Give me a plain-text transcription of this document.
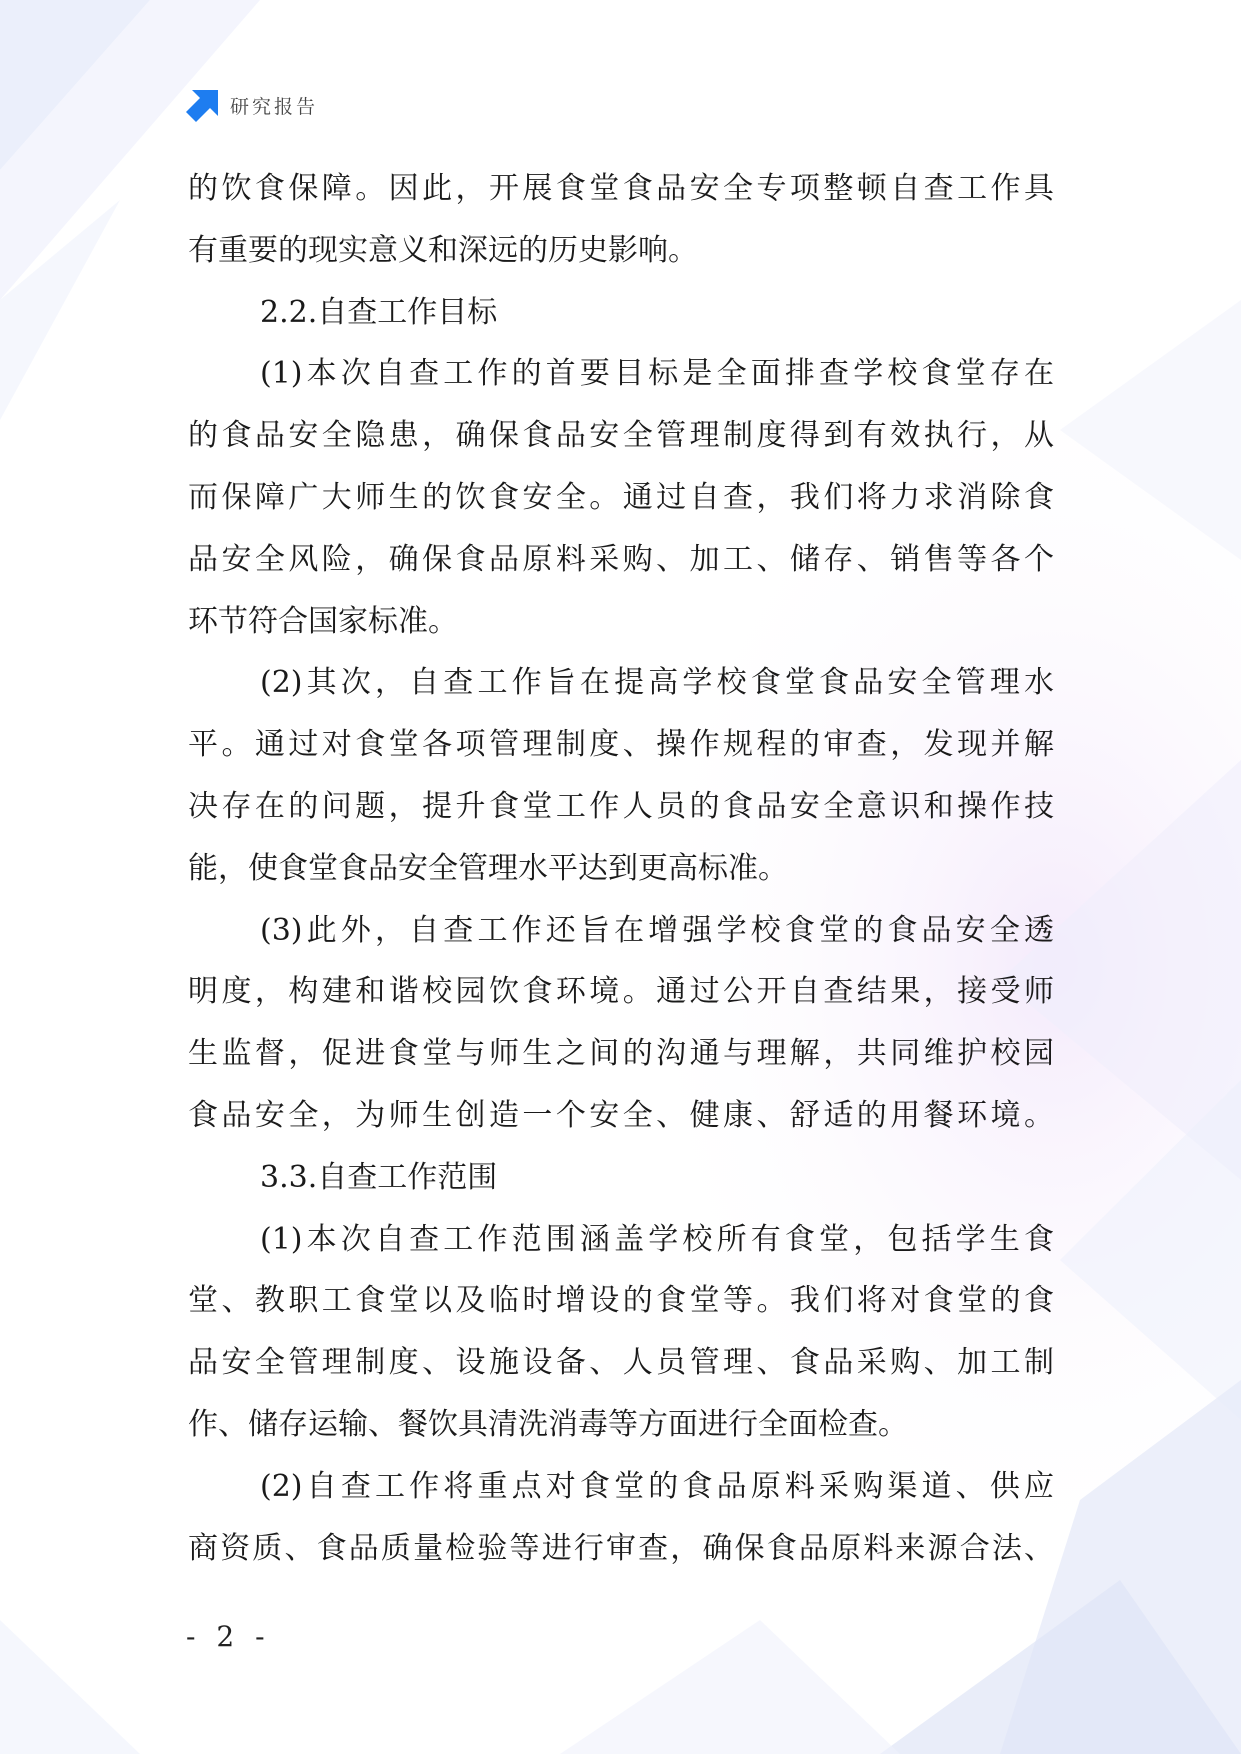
研究报告
的饮食保障。因此，开展食堂食品安全专项整顿自查工作具
有重要的现实意义和深远的历史影响。
2.2.自查工作目标
(1)本次自查工作的首要目标是全面排查学校食堂存在
的食品安全隐患，确保食品安全管理制度得到有效执行，从
而保障广大师生的饮食安全。通过自查，我们将力求消除食
品安全风险，确保食品原料采购、加工、储存、销售等各个
环节符合国家标准。
(2)其次，自查工作旨在提高学校食堂食品安全管理水
平。通过对食堂各项管理制度、操作规程的审查，发现并解
决存在的问题，提升食堂工作人员的食品安全意识和操作技
能，使食堂食品安全管理水平达到更高标准。
(3)此外，自查工作还旨在增强学校食堂的食品安全透
明度，构建和谐校园饮食环境。通过公开自查结果，接受师
生监督，促进食堂与师生之间的沟通与理解，共同维护校园
食品安全，为师生创造一个安全、健康、舒适的用餐环境。
3.3.自查工作范围
(1)本次自查工作范围涵盖学校所有食堂，包括学生食
堂、教职工食堂以及临时增设的食堂等。我们将对食堂的食
品安全管理制度、设施设备、人员管理、食品采购、加工制
作、储存运输、餐饮具清洗消毒等方面进行全面检查。
(2)自查工作将重点对食堂的食品原料采购渠道、供应
商资质、食品质量检验等进行审查，确保食品原料来源合法、
- 2 -
